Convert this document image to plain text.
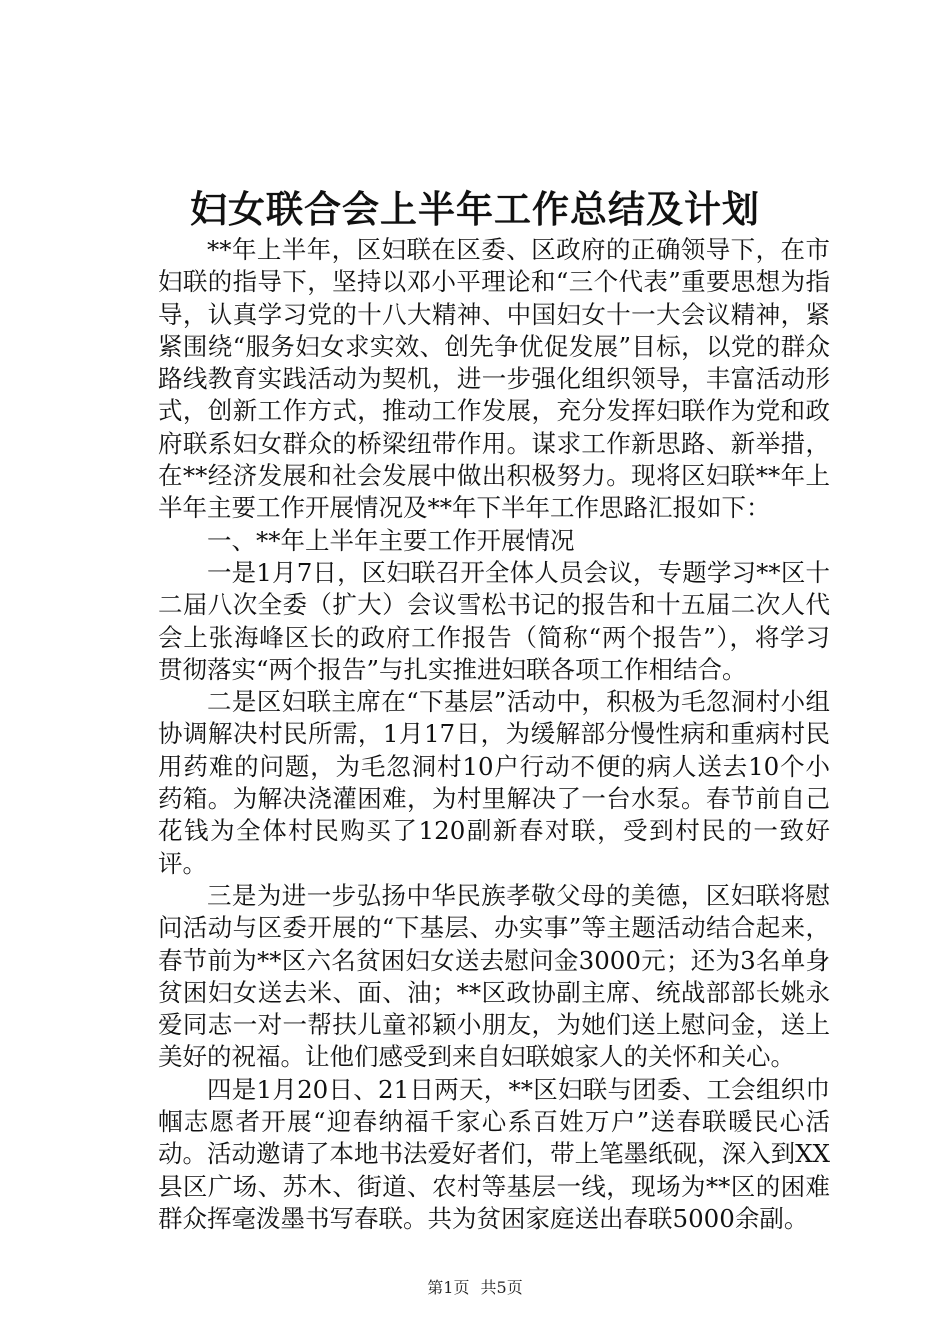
妇女联合会上半年工作总结及计划

**年上半年，区妇联在区委、区政府的正确领导下，在市妇联的指导下，坚持以邓小平理论和“三个代表”重要思想为指导，认真学习党的十八大精神、中国妇女十一大会议精神，紧紧围绕“服务妇女求实效、创先争优促发展”目标，以党的群众路线教育实践活动为契机，进一步强化组织领导，丰富活动形式，创新工作方式，推动工作发展，充分发挥妇联作为党和政府联系妇女群众的桥梁纽带作用。谋求工作新思路、新举措，在**经济发展和社会发展中做出积极努力。现将区妇联**年上半年主要工作开展情况及**年下半年工作思路汇报如下：

一、**年上半年主要工作开展情况

一是1月7日，区妇联召开全体人员会议，专题学习**区十二届八次全委（扩大）会议雪松书记的报告和十五届二次人代会上张海峰区长的政府工作报告（简称“两个报告”），将学习贯彻落实“两个报告”与扎实推进妇联各项工作相结合。

二是区妇联主席在“下基层”活动中，积极为毛忽洞村小组协调解决村民所需，1月17日，为缓解部分慢性病和重病村民用药难的问题，为毛忽洞村10户行动不便的病人送去10个小药箱。为解决浇灌困难，为村里解决了一台水泵。春节前自己花钱为全体村民购买了120副新春对联，受到村民的一致好评。

三是为进一步弘扬中华民族孝敬父母的美德，区妇联将慰问活动与区委开展的“下基层、办实事”等主题活动结合起来，春节前为**区六名贫困妇女送去慰问金3000元；还为3名单身贫困妇女送去米、面、油；**区政协副主席、统战部部长姚永爱同志一对一帮扶儿童祁颖小朋友，为她们送上慰问金，送上美好的祝福。让他们感受到来自妇联娘家人的关怀和关心。

四是1月20日、21日两天，**区妇联与团委、工会组织巾帼志愿者开展“迎春纳福千家心系百姓万户”送春联暖民心活动。活动邀请了本地书法爱好者们，带上笔墨纸砚，深入到XX县区广场、苏木、街道、农村等基层一线，现场为**区的困难群众挥毫泼墨书写春联。共为贫困家庭送出春联5000余副。

第1页 共5页
